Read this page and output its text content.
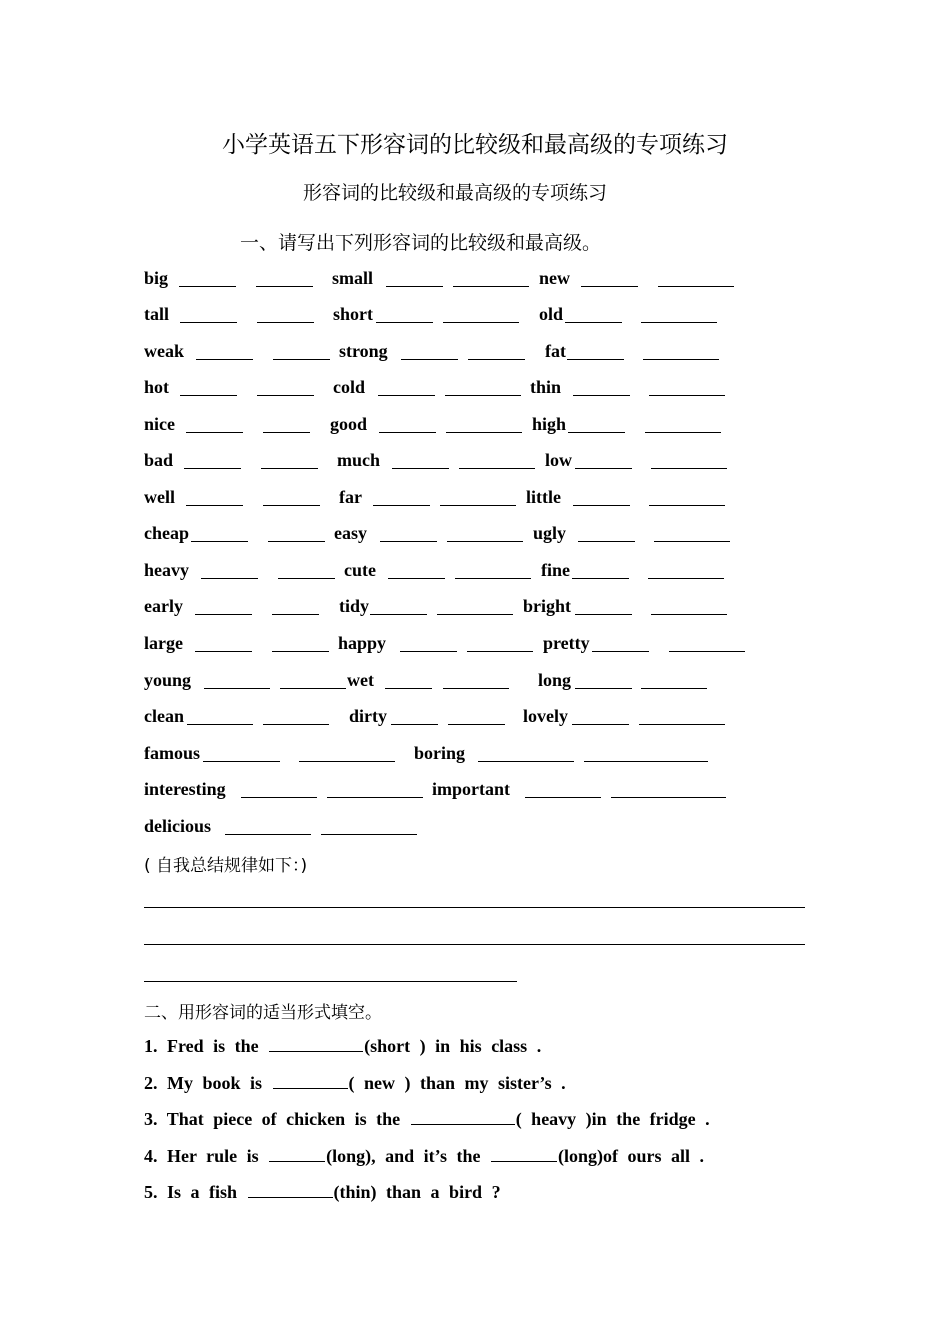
小学英语五下形容词的比较级和最高级的专项练习
形容词的比较级和最高级的专项练习
一、请写出下列形容词的比较级和最高级。
big	small	new
tall	short	old
weak	strong	fat
hot	cold	thin
nice	good	high
bad	much	low
well	far	little
cheap	easy	ugly
heavy	cute	fine
early	tidy	bright
large	happy	pretty
young	wet	long
clean	dirty	lovely
famous	boring
interesting	important
delicious
( 自我总结规律如下：)
二、用形容词的适当形式填空。
1. Fred is the	(short ) in his class .
2. My book is	( new ) than my sister’s .
3. That piece of chicken is the	( heavy )in the fridge .
4. Her rule is	(long), and it’s the	(long)of ours all .
5. Is a fish	(thin) than a bird ?
